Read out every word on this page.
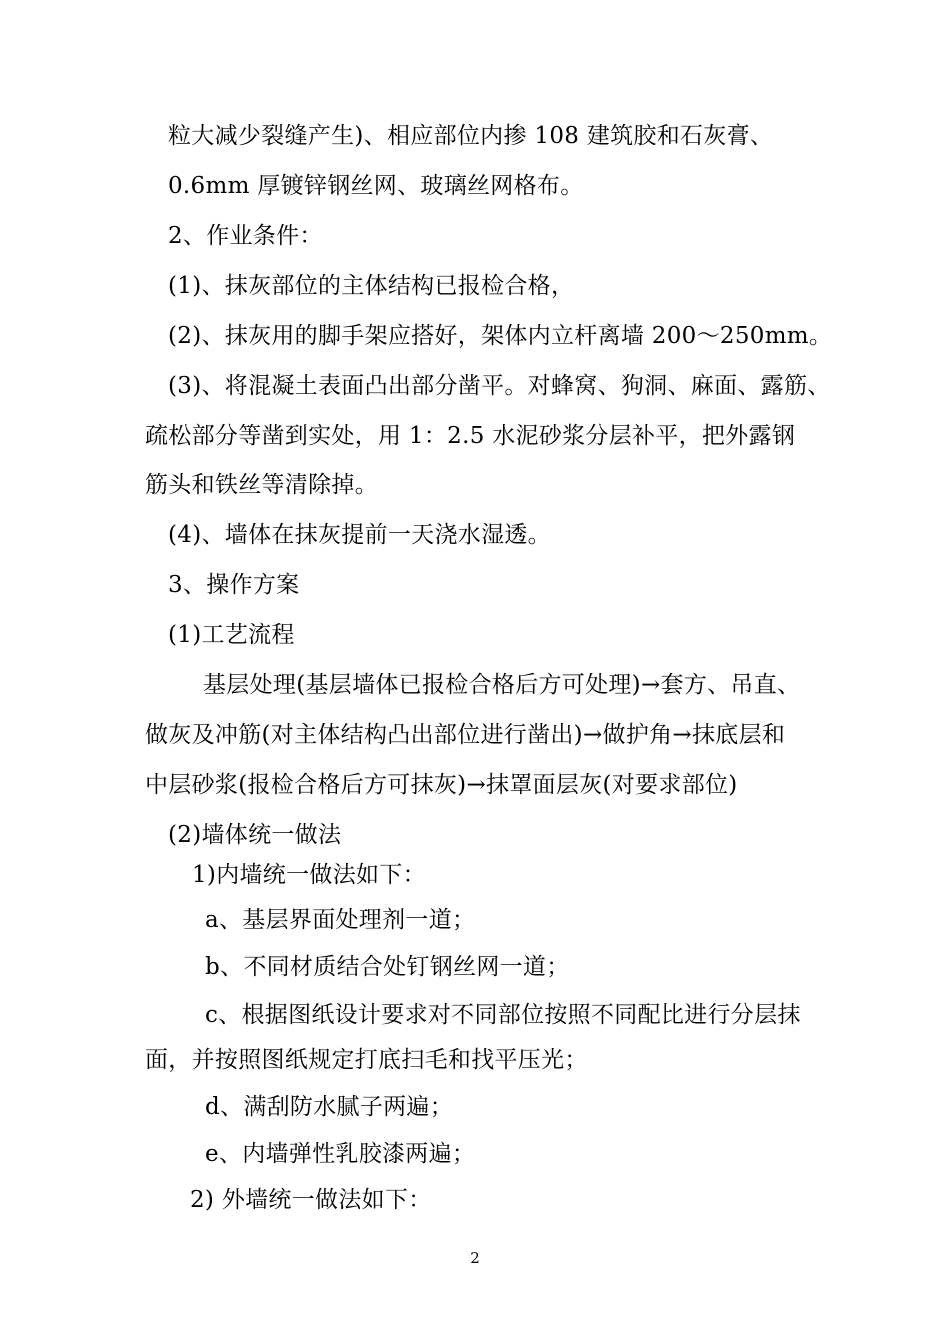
粒大减少裂缝产生)、相应部位内掺 108 建筑胶和石灰膏、
0.6mm 厚镀锌钢丝网、玻璃丝网格布。
2、作业条件：
(1)、抹灰部位的主体结构已报检合格，
(2)、抹灰用的脚手架应搭好，架体内立杆离墙 200～250mm。
(3)、将混凝土表面凸出部分凿平。对蜂窝、狗洞、麻面、露筋、
疏松部分等凿到实处，用 1：2.5 水泥砂浆分层补平，把外露钢
筋头和铁丝等清除掉。
(4)、墙体在抹灰提前一天浇水湿透。
3、操作方案
(1)工艺流程
基层处理(基层墙体已报检合格后方可处理)→套方、吊直、
做灰及冲筋(对主体结构凸出部位进行凿出)→做护角→抹底层和
中层砂浆(报检合格后方可抹灰)→抹罩面层灰(对要求部位)
(2)墙体统一做法
1)内墙统一做法如下：
a、基层界面处理剂一道；
b、不同材质结合处钉钢丝网一道；
c、根据图纸设计要求对不同部位按照不同配比进行分层抹
面，并按照图纸规定打底扫毛和找平压光；
d、满刮防水腻子两遍；
e、内墙弹性乳胶漆两遍；
2) 外墙统一做法如下：
2
